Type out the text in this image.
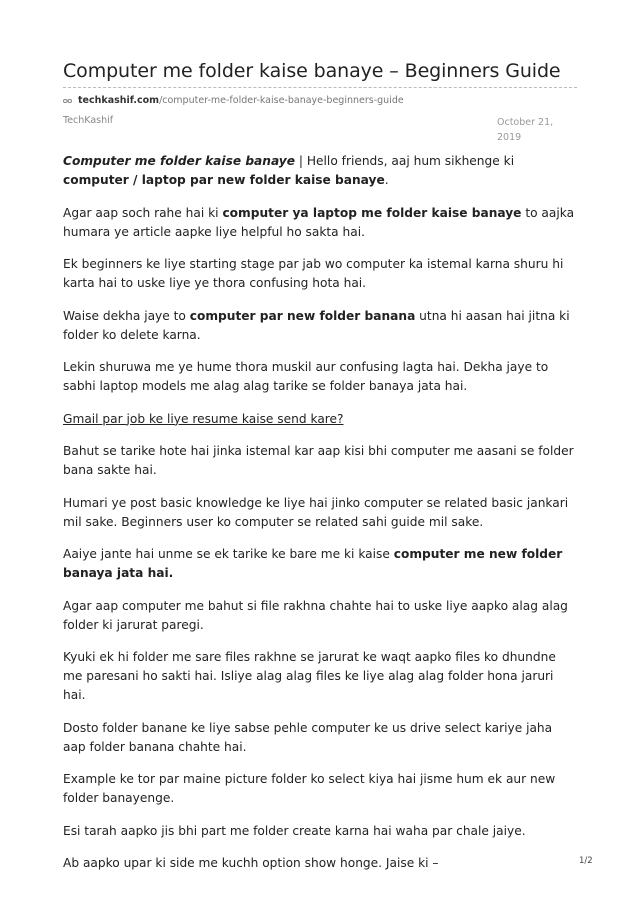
Computer me folder kaise banaye – Beginners Guide
techkashif.com /computer-me-folder-kaise-banaye-beginners-guide
TechKashif	October 21,
2019

Computer me folder kaise banaye | Hello friends, aaj hum sikhenge ki computer / laptop par new folder kaise banaye.

Agar aap soch rahe hai ki computer ya laptop me folder kaise banaye to aajka humara ye article aapke liye helpful ho sakta hai.

Ek beginners ke liye starting stage par jab wo computer ka istemal karna shuru hi karta hai to uske liye ye thora confusing hota hai.

Waise dekha jaye to computer par new folder banana utna hi aasan hai jitna ki folder ko delete karna.

Lekin shuruwa me ye hume thora muskil aur confusing lagta hai. Dekha jaye to sabhi laptop models me alag alag tarike se folder banaya jata hai.

Gmail par job ke liye resume kaise send kare?

Bahut se tarike hote hai jinka istemal kar aap kisi bhi computer me aasani se folder bana sakte hai.

Humari ye post basic knowledge ke liye hai jinko computer se related basic jankari mil sake. Beginners user ko computer se related sahi guide mil sake.

Aaiye jante hai unme se ek tarike ke bare me ki kaise computer me new folder banaya jata hai.

Agar aap computer me bahut si file rakhna chahte hai to uske liye aapko alag alag folder ki jarurat paregi.

Kyuki ek hi folder me sare files rakhne se jarurat ke waqt aapko files ko dhundne me paresani ho sakti hai. Isliye alag alag files ke liye alag alag folder hona jaruri hai.

Dosto folder banane ke liye sabse pehle computer ke us drive select kariye jaha aap folder banana chahte hai.

Example ke tor par maine picture folder ko select kiya hai jisme hum ek aur new folder banayenge.

Esi tarah aapko jis bhi part me folder create karna hai waha par chale jaiye.

Ab aapko upar ki side me kuchh option show honge. Jaise ki –	1/2
